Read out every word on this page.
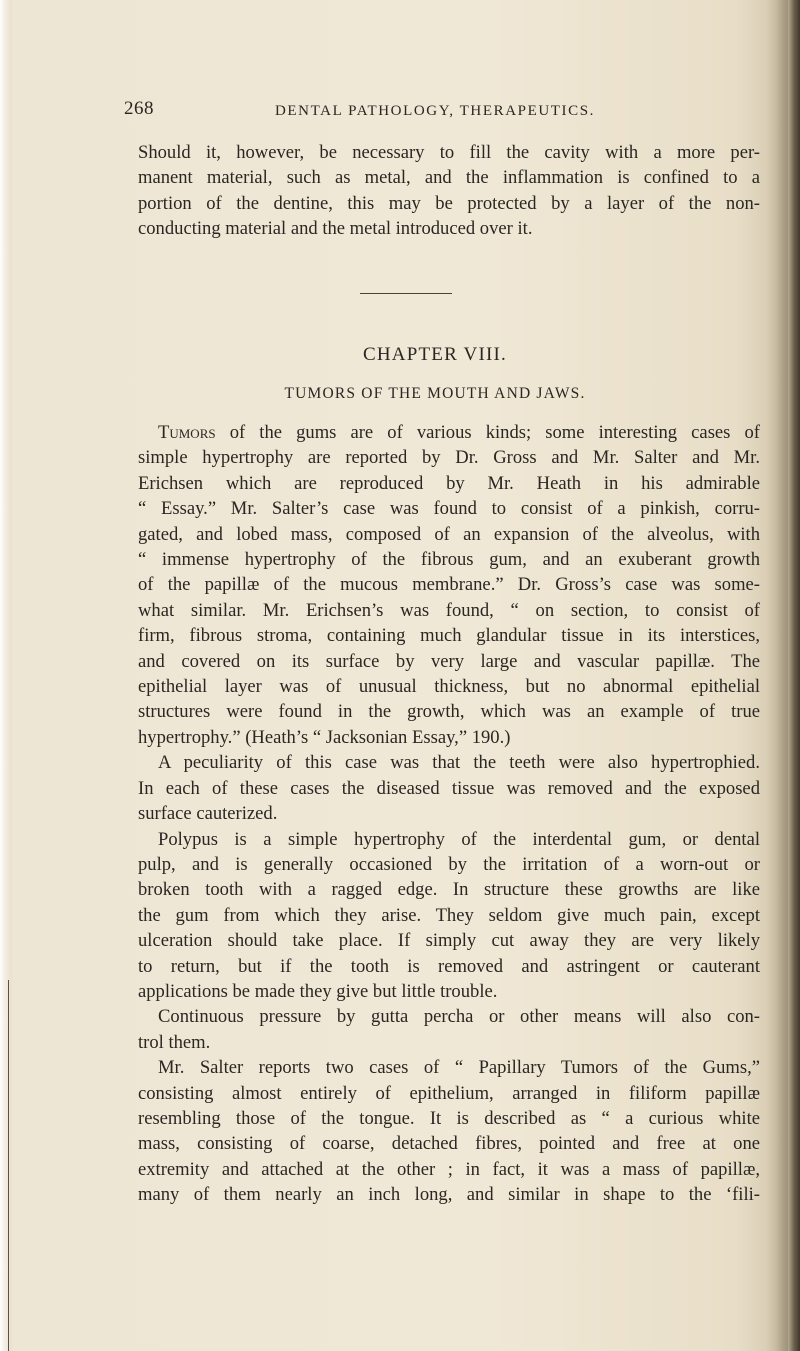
268	DENTAL PATHOLOGY, THERAPEUTICS.
Should it, however, be necessary to fill the cavity with a more per-
manent material, such as metal, and the inflammation is confined to a
portion of the dentine, this may be protected by a layer of the non-
conducting material and the metal introduced over it.
CHAPTER VIII.
TUMORS OF THE MOUTH AND JAWS.
Tumors of the gums are of various kinds; some interesting cases of
simple hypertrophy are reported by Dr. Gross and Mr. Salter and Mr.
Erichsen which are reproduced by Mr. Heath in his admirable
“ Essay.” Mr. Salter’s case was found to consist of a pinkish, corru-
gated, and lobed mass, composed of an expansion of the alveolus, with
“ immense hypertrophy of the fibrous gum, and an exuberant growth
of the papillæ of the mucous membrane.” Dr. Gross’s case was some-
what similar. Mr. Erichsen’s was found, “ on section, to consist of
firm, fibrous stroma, containing much glandular tissue in its interstices,
and covered on its surface by very large and vascular papillæ. The
epithelial layer was of unusual thickness, but no abnormal epithelial
structures were found in the growth, which was an example of true
hypertrophy.” (Heath’s “ Jacksonian Essay,” 190.)
A peculiarity of this case was that the teeth were also hypertrophied.
In each of these cases the diseased tissue was removed and the exposed
surface cauterized.
Polypus is a simple hypertrophy of the interdental gum, or dental
pulp, and is generally occasioned by the irritation of a worn-out or
broken tooth with a ragged edge. In structure these growths are like
the gum from which they arise. They seldom give much pain, except
ulceration should take place. If simply cut away they are very likely
to return, but if the tooth is removed and astringent or cauterant
applications be made they give but little trouble.
Continuous pressure by gutta percha or other means will also con-
trol them.
Mr. Salter reports two cases of “ Papillary Tumors of the Gums,”
consisting almost entirely of epithelium, arranged in filiform papillæ
resembling those of the tongue. It is described as “ a curious white
mass, consisting of coarse, detached fibres, pointed and free at one
extremity and attached at the other ; in fact, it was a mass of papillæ,
many of them nearly an inch long, and similar in shape to the ‘fili-
